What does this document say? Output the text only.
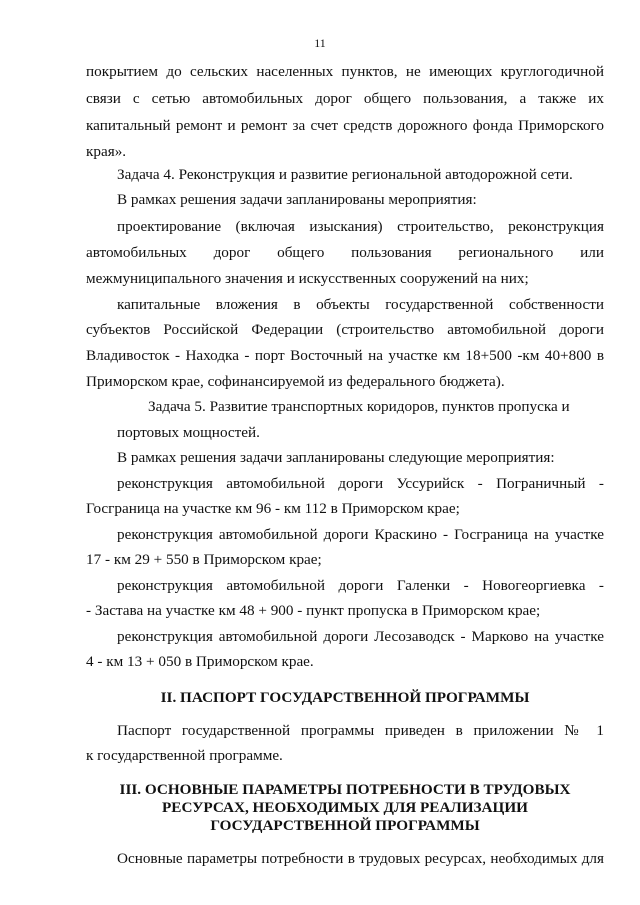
11
покрытием до сельских населенных пунктов, не имеющих круглогодичной
связи с сетью автомобильных дорог общего пользования, а также их
капитальный ремонт и ремонт за счет средств дорожного фонда Приморского
края».
Задача 4. Реконструкция и развитие региональной автодорожной сети.
В рамках решения задачи запланированы мероприятия:
проектирование (включая изыскания) строительство, реконструкция
автомобильных дорог общего пользования регионального или
межмуниципального значения и искусственных сооружений на них;
капитальные вложения в объекты государственной собственности
субъектов Российской Федерации (строительство автомобильной дороги
Владивосток - Находка - порт Восточный на участке км 18+500 -км 40+800 в
Приморском крае, софинансируемой из федерального бюджета).
Задача 5. Развитие транспортных коридоров, пунктов пропуска и
портовых мощностей.
В рамках решения задачи запланированы следующие мероприятия:
реконструкция автомобильной дороги Уссурийск - Пограничный -
Госграница на участке км 96 - км 112 в Приморском крае;
реконструкция автомобильной дороги Краскино - Госграница на участке
17 - км 29 + 550 в Приморском крае;
реконструкция автомобильной дороги Галенки - Новогеоргиевка -
- Застава на участке км 48 + 900 - пункт пропуска в Приморском крае;
реконструкция автомобильной дороги Лесозаводск - Марково на участке
4 - км 13 + 050 в Приморском крае.
II. ПАСПОРТ ГОСУДАРСТВЕННОЙ ПРОГРАММЫ
Паспорт государственной программы приведен в приложении № 1
к государственной программе.
III. ОСНОВНЫЕ ПАРАМЕТРЫ ПОТРЕБНОСТИ В ТРУДОВЫХ
РЕСУРСАХ, НЕОБХОДИМЫХ ДЛЯ РЕАЛИЗАЦИИ
ГОСУДАРСТВЕННОЙ ПРОГРАММЫ
Основные параметры потребности в трудовых ресурсах, необходимых для
